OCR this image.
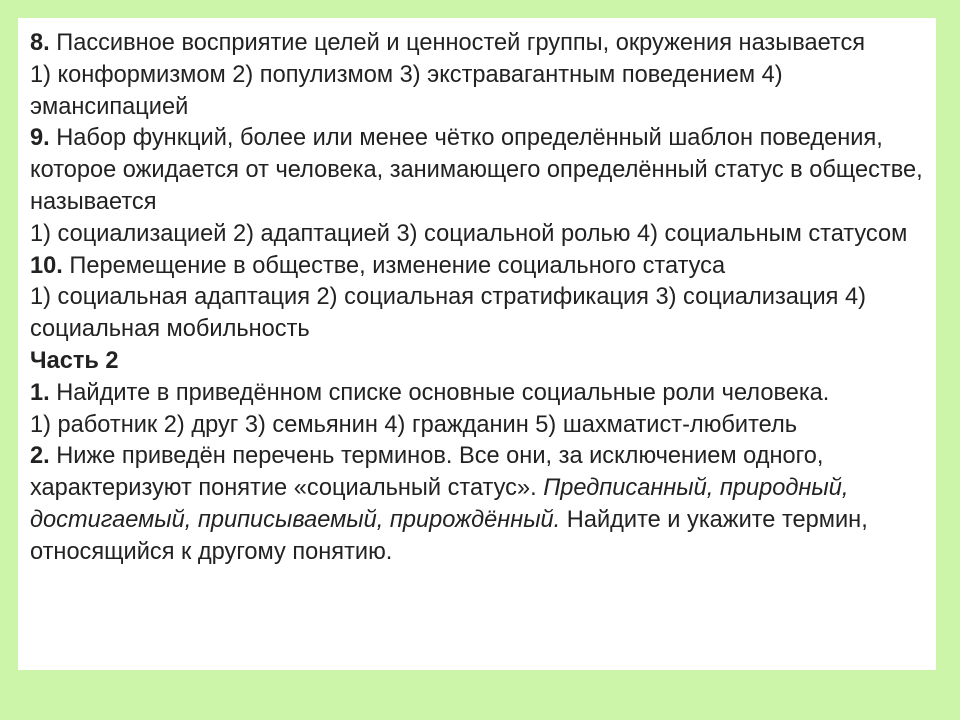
8. Пассивное восприятие целей и ценностей группы, окружения называется

1) конформизмом 2) популизмом 3) экстравагантным поведением 4) эмансипацией

9. Набор функций, более или менее чётко определённый шаблон поведения, которое ожидается от человека, занимающего определённый статус в обществе, называется

1) социализацией 2) адаптацией 3) социальной ролью 4) социальным статусом

10. Перемещение в обществе, изменение социального статуса

1) социальная адаптация 2) социальная стратификация 3) социализация 4) социальная мобильность

Часть 2

1. Найдите в приведённом списке основные социальные роли человека.

1) работник 2) друг 3) семьянин 4) гражданин 5) шахматист-любитель

2. Ниже приведён перечень терминов. Все они, за исключением одного, характеризуют понятие «социальный статус». Предписанный, природный, достигаемый, приписываемый, прирождённый. Найдите и укажите термин, относящийся к другому понятию.
